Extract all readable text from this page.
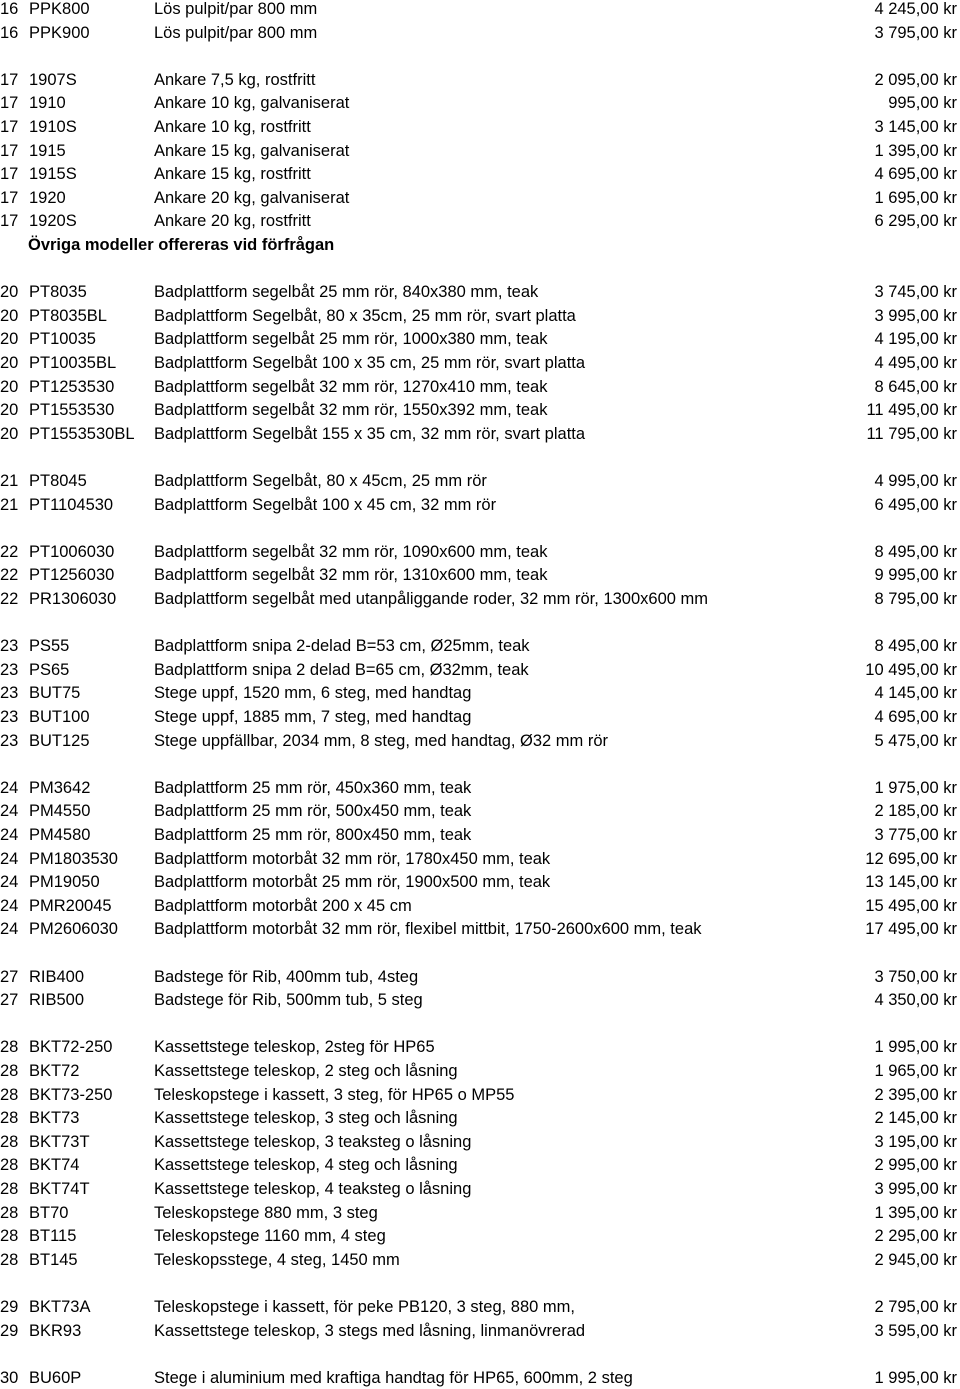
16 PPK800	Lös pulpit/par 800 mm	4 245,00 kr
16 PPK900	Lös pulpit/par 800 mm	3 795,00 kr
17 1907S	Ankare 7,5 kg, rostfritt	2 095,00 kr
17 1910	Ankare 10 kg, galvaniserat	995,00 kr
17 1910S	Ankare 10 kg, rostfritt	3 145,00 kr
17 1915	Ankare 15 kg, galvaniserat	1 395,00 kr
17 1915S	Ankare 15 kg, rostfritt	4 695,00 kr
17 1920	Ankare 20 kg, galvaniserat	1 695,00 kr
17 1920S	Ankare 20 kg, rostfritt	6 295,00 kr
Övriga modeller offereras vid förfrågan
20 PT8035	Badplattform segelbåt 25 mm rör, 840x380 mm, teak	3 745,00 kr
20 PT8035BL	Badplattform Segelbåt, 80 x 35cm, 25 mm rör, svart platta	3 995,00 kr
20 PT10035	Badplattform segelbåt 25 mm rör, 1000x380 mm, teak	4 195,00 kr
20 PT10035BL Badplattform Segelbåt 100 x 35 cm, 25 mm rör, svart platta	4 495,00 kr
20 PT1253530 Badplattform segelbåt 32 mm rör, 1270x410 mm, teak	8 645,00 kr
20 PT1553530 Badplattform segelbåt 32 mm rör, 1550x392 mm, teak	11 495,00 kr
20 PT1553530BL Badplattform Segelbåt 155 x 35 cm, 32 mm rör, svart platta	11 795,00 kr
21 PT8045	Badplattform Segelbåt, 80 x 45cm, 25 mm rör	4 995,00 kr
21 PT1104530 Badplattform Segelbåt 100 x 45 cm, 32 mm rör	6 495,00 kr
22 PT1006030 Badplattform segelbåt 32 mm rör, 1090x600 mm, teak	8 495,00 kr
22 PT1256030 Badplattform segelbåt 32 mm rör, 1310x600 mm, teak	9 995,00 kr
22 PR1306030 Badplattform segelbåt med utanpåliggande roder, 32 mm rör, 1300x600 mm	8 795,00 kr
23 PS55	Badplattform snipa 2-delad B=53 cm, Ø25mm, teak	8 495,00 kr
23 PS65	Badplattform snipa 2 delad B=65 cm, Ø32mm, teak	10 495,00 kr
23 BUT75	Stege uppf, 1520 mm, 6 steg, med handtag	4 145,00 kr
23 BUT100	Stege uppf, 1885 mm, 7 steg, med handtag	4 695,00 kr
23 BUT125	Stege uppfällbar, 2034 mm, 8 steg, med handtag, Ø32 mm rör	5 475,00 kr
24 PM3642	Badplattform 25 mm rör, 450x360 mm, teak	1 975,00 kr
24 PM4550	Badplattform 25 mm rör, 500x450 mm, teak	2 185,00 kr
24 PM4580	Badplattform 25 mm rör, 800x450 mm, teak	3 775,00 kr
24 PM1803530 Badplattform motorbåt 32 mm rör, 1780x450 mm, teak	12 695,00 kr
24 PM19050	Badplattform motorbåt 25 mm rör, 1900x500 mm, teak	13 145,00 kr
24 PMR20045	Badplattform motorbåt 200 x 45 cm	15 495,00 kr
24 PM2606030 Badplattform motorbåt 32 mm rör, flexibel mittbit, 1750-2600x600 mm, teak	17 495,00 kr
27 RIB400	Badstege för Rib, 400mm tub, 4steg	3 750,00 kr
27 RIB500	Badstege för Rib, 500mm tub, 5 steg	4 350,00 kr
28 BKT72-250	Kassettstege teleskop, 2steg för HP65	1 995,00 kr
28 BKT72	Kassettstege teleskop, 2 steg och låsning	1 965,00 kr
28 BKT73-250	Teleskopstege i kassett, 3 steg, för HP65 o MP55	2 395,00 kr
28 BKT73	Kassettstege teleskop, 3 steg och låsning	2 145,00 kr
28 BKT73T	Kassettstege teleskop, 3 teaksteg o låsning	3 195,00 kr
28 BKT74	Kassettstege teleskop, 4 steg och låsning	2 995,00 kr
28 BKT74T	Kassettstege teleskop, 4 teaksteg o låsning	3 995,00 kr
28 BT70	Teleskopstege 880 mm, 3 steg	1 395,00 kr
28 BT115	Teleskopstege 1160 mm, 4 steg	2 295,00 kr
28 BT145	Teleskopsstege, 4 steg, 1450 mm	2 945,00 kr
29 BKT73A	Teleskopstege i kassett, för peke PB120, 3 steg, 880 mm,	2 795,00 kr
29 BKR93	Kassettstege teleskop, 3 stegs med låsning, linmanövrerad	3 595,00 kr
30 BU60P	Stege i aluminium med kraftiga handtag för HP65, 600mm, 2 steg	1 995,00 kr
